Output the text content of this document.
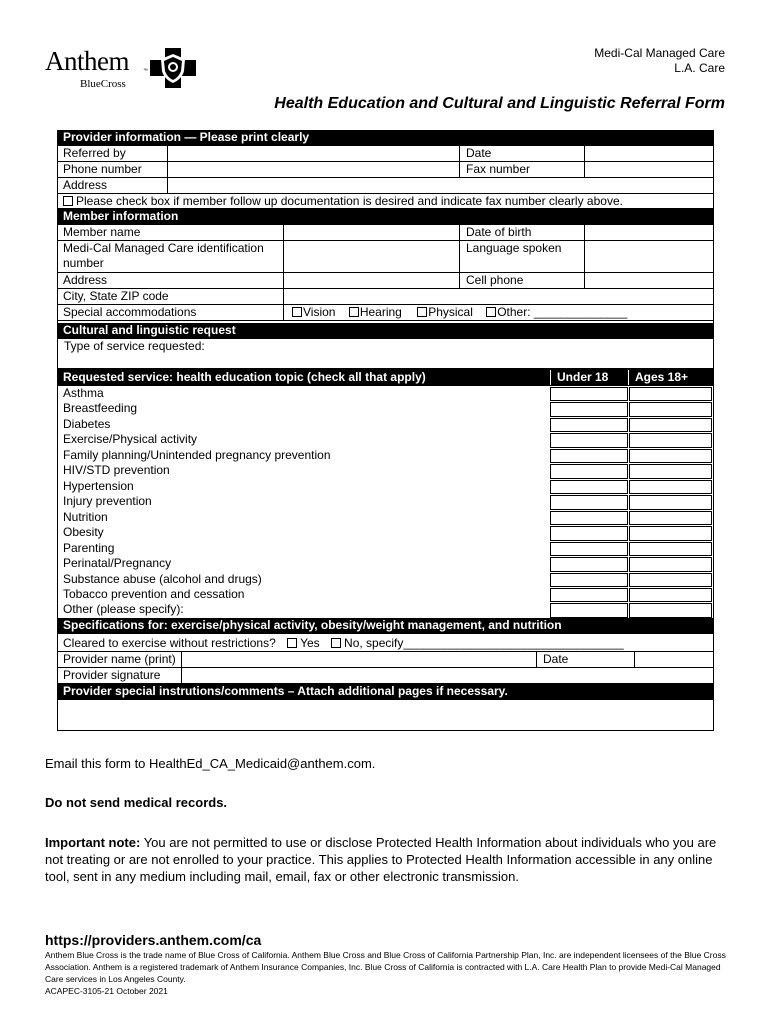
Anthem	™
BlueCross
Medi-Cal Managed Care
L.A. Care
Health Education and Cultural and Linguistic Referral Form
Provider information — Please print clearly
Referred by	Date
Phone number	Fax number
Address
Please check box if member follow up documentation is desired and indicate fax number clearly above.
Member information
Member name	Date of birth
Medi-Cal Managed Care identification
number
Language spoken
Address	Cell phone
City, State ZIP code
Special accommodations	Vision Hearing Physical Other: ______________
Cultural and linguistic request
Type of service requested:
Requested service: health education topic (check all that apply)	Under 18	Ages 18+
Asthma
Breastfeeding
Diabetes
Exercise/Physical activity
Family planning/Unintended pregnancy prevention
HIV/STD prevention
Hypertension
Injury prevention
Nutrition
Obesity
Parenting
Perinatal/Pregnancy
Substance abuse (alcohol and drugs)
Tobacco prevention and cessation
Other (please specify):
Specifications for: exercise/physical activity, obesity/weight management, and nutrition
Cleared to exercise without restrictions? Yes No, specify_________________________________
Provider name (print)	Date
Provider signature
Provider special instrutions/comments – Attach additional pages if necessary.
Email this form to HealthEd_CA_Medicaid@anthem.com.
Do not send medical records.
Important note: You are not permitted to use or disclose Protected Health Information about individuals who you are not treating or are not enrolled to your practice. This applies to Protected Health Information accessible in any online tool, sent in any medium including mail, email, fax or other electronic transmission.
https://providers.anthem.com/ca
Anthem Blue Cross is the trade name of Blue Cross of California. Anthem Blue Cross and Blue Cross of California Partnership Plan, Inc. are independent licensees of the Blue Cross Association. Anthem is a registered trademark of Anthem Insurance Companies, Inc. Blue Cross of California is contracted with L.A. Care Health Plan to provide Medi-Cal Managed Care services in Los Angeles County.
ACAPEC-3105-21 October 2021
